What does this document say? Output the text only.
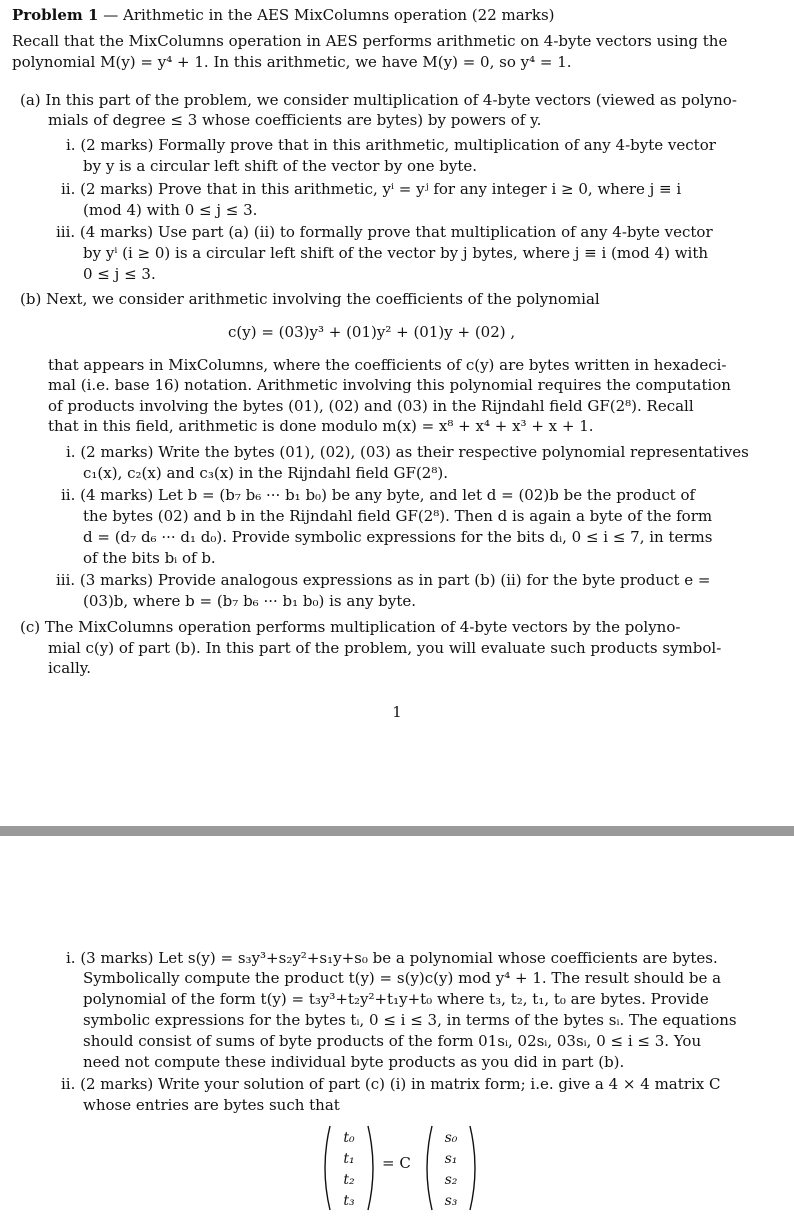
Problem 1 — Arithmetic in the AES MixColumns operation (22 marks)
Recall that the MixColumns operation in AES performs arithmetic on 4-byte vectors using the
polynomial M(y) = y⁴ + 1. In this arithmetic, we have M(y) = 0, so y⁴ = 1.
(a) In this part of the problem, we consider multiplication of 4-byte vectors (viewed as polyno-
mials of degree ≤ 3 whose coefficients are bytes) by powers of y.
i. (2 marks) Formally prove that in this arithmetic, multiplication of any 4-byte vector
by y is a circular left shift of the vector by one byte.
ii. (2 marks) Prove that in this arithmetic, yⁱ = yʲ for any integer i ≥ 0, where j ≡ i
(mod 4) with 0 ≤ j ≤ 3.
iii. (4 marks) Use part (a) (ii) to formally prove that multiplication of any 4-byte vector
by yⁱ (i ≥ 0) is a circular left shift of the vector by j bytes, where j ≡ i (mod 4) with
0 ≤ j ≤ 3.
(b) Next, we consider arithmetic involving the coefficients of the polynomial
c(y) = (03)y³ + (01)y² + (01)y + (02) ,
that appears in MixColumns, where the coefficients of c(y) are bytes written in hexadeci-
mal (i.e. base 16) notation. Arithmetic involving this polynomial requires the computation
of products involving the bytes (01), (02) and (03) in the Rijndahl field GF(2⁸). Recall
that in this field, arithmetic is done modulo m(x) = x⁸ + x⁴ + x³ + x + 1.
i. (2 marks) Write the bytes (01), (02), (03) as their respective polynomial representatives
c₁(x), c₂(x) and c₃(x) in the Rijndahl field GF(2⁸).
ii. (4 marks) Let b = (b₇ b₆ ··· b₁ b₀) be any byte, and let d = (02)b be the product of
the bytes (02) and b in the Rijndahl field GF(2⁸). Then d is again a byte of the form
d = (d₇ d₆ ··· d₁ d₀). Provide symbolic expressions for the bits dᵢ, 0 ≤ i ≤ 7, in terms
of the bits bᵢ of b.
iii. (3 marks) Provide analogous expressions as in part (b) (ii) for the byte product e =
(03)b, where b = (b₇ b₆ ··· b₁ b₀) is any byte.
(c) The MixColumns operation performs multiplication of 4-byte vectors by the polyno-
mial c(y) of part (b). In this part of the problem, you will evaluate such products symbol-
ically.
1
i. (3 marks) Let s(y) = s₃y³+s₂y²+s₁y+s₀ be a polynomial whose coefficients are bytes.
Symbolically compute the product t(y) = s(y)c(y) mod y⁴ + 1. The result should be a
polynomial of the form t(y) = t₃y³+t₂y²+t₁y+t₀ where t₃, t₂, t₁, t₀ are bytes. Provide
symbolic expressions for the bytes tᵢ, 0 ≤ i ≤ 3, in terms of the bytes sᵢ. The equations
should consist of sums of byte products of the form 01sᵢ, 02sᵢ, 03sᵢ, 0 ≤ i ≤ 3. You
need not compute these individual byte products as you did in part (b).
ii. (2 marks) Write your solution of part (c) (i) in matrix form; i.e. give a 4 × 4 matrix C
whose entries are bytes such that
t₀
t₁
t₂
t₃
= C
s₀
s₁
s₂
s₃
